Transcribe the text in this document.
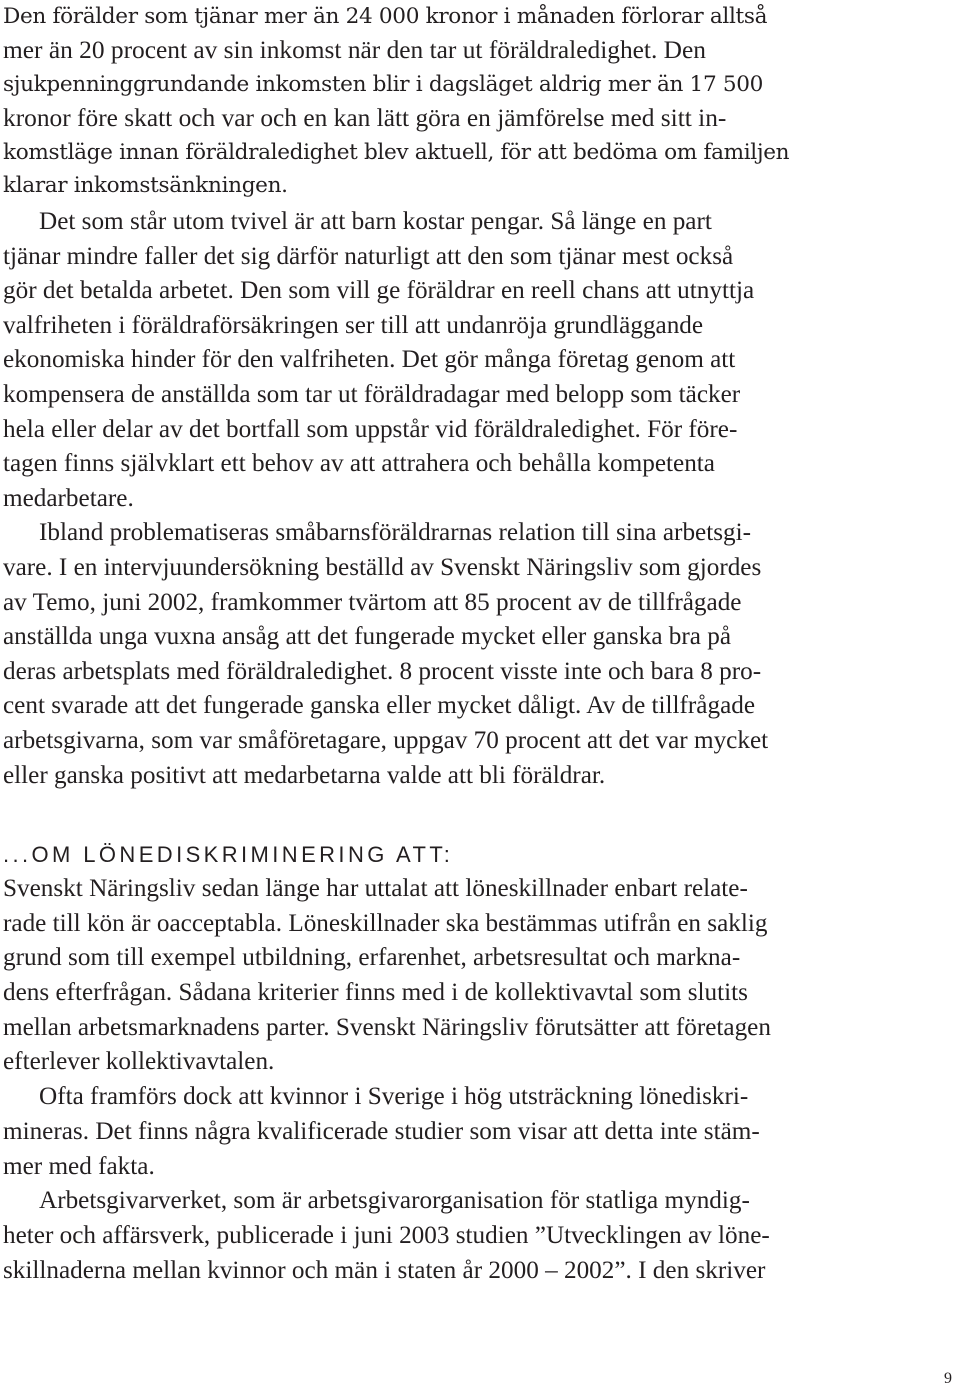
Den förälder som tjänar mer än 24 000 kronor i månaden förlorar alltså
mer än 20 procent av sin inkomst när den tar ut föräldraledighet. Den
sjukpenninggrundande inkomsten blir i dagsläget aldrig mer än 17 500
kronor före skatt och var och en kan lätt göra en jämförelse med sitt in-
komstläge innan föräldraledighet blev aktuell, för att bedöma om familjen
klarar inkomstsänkningen.
Det som står utom tvivel är att barn kostar pengar. Så länge en part
tjänar mindre faller det sig därför naturligt att den som tjänar mest också
gör det betalda arbetet. Den som vill ge föräldrar en reell chans att utnyttja
valfriheten i föräldraförsäkringen ser till att undanröja grundläggande
ekonomiska hinder för den valfriheten. Det gör många företag genom att
kompensera de anställda som tar ut föräldradagar med belopp som täcker
hela eller delar av det bortfall som uppstår vid föräldraledighet. För före-
tagen finns självklart ett behov av att attrahera och behålla kompetenta
medarbetare.
Ibland problematiseras småbarnsföräldrarnas relation till sina arbetsgi-
vare. I en intervjuundersökning beställd av Svenskt Näringsliv som gjordes
av Temo, juni 2002, framkommer tvärtom att 85 procent av de tillfrågade
anställda unga vuxna ansåg att det fungerade mycket eller ganska bra på
deras arbetsplats med föräldraledighet. 8 procent visste inte och bara 8 pro-
cent svarade att det fungerade ganska eller mycket dåligt. Av de tillfrågade
arbetsgivarna, som var småföretagare, uppgav 70 procent att det var mycket
eller ganska positivt att medarbetarna valde att bli föräldrar.
...OM LÖNEDISKRIMINERING ATT:
Svenskt Näringsliv sedan länge har uttalat att löneskillnader enbart relate-
rade till kön är oacceptabla. Löneskillnader ska bestämmas utifrån en saklig
grund som till exempel utbildning, erfarenhet, arbetsresultat och markna-
dens efterfrågan. Sådana kriterier finns med i de kollektivavtal som slutits
mellan arbetsmarknadens parter. Svenskt Näringsliv förutsätter att företagen
efterlever kollektivavtalen.
Ofta framförs dock att kvinnor i Sverige i hög utsträckning lönediskri-
mineras. Det finns några kvalificerade studier som visar att detta inte stäm-
mer med fakta.
Arbetsgivarverket, som är arbetsgivarorganisation för statliga myndig-
heter och affärsverk, publicerade i juni 2003 studien ”Utvecklingen av löne-
skillnaderna mellan kvinnor och män i staten år 2000 – 2002”. I den skriver
9
